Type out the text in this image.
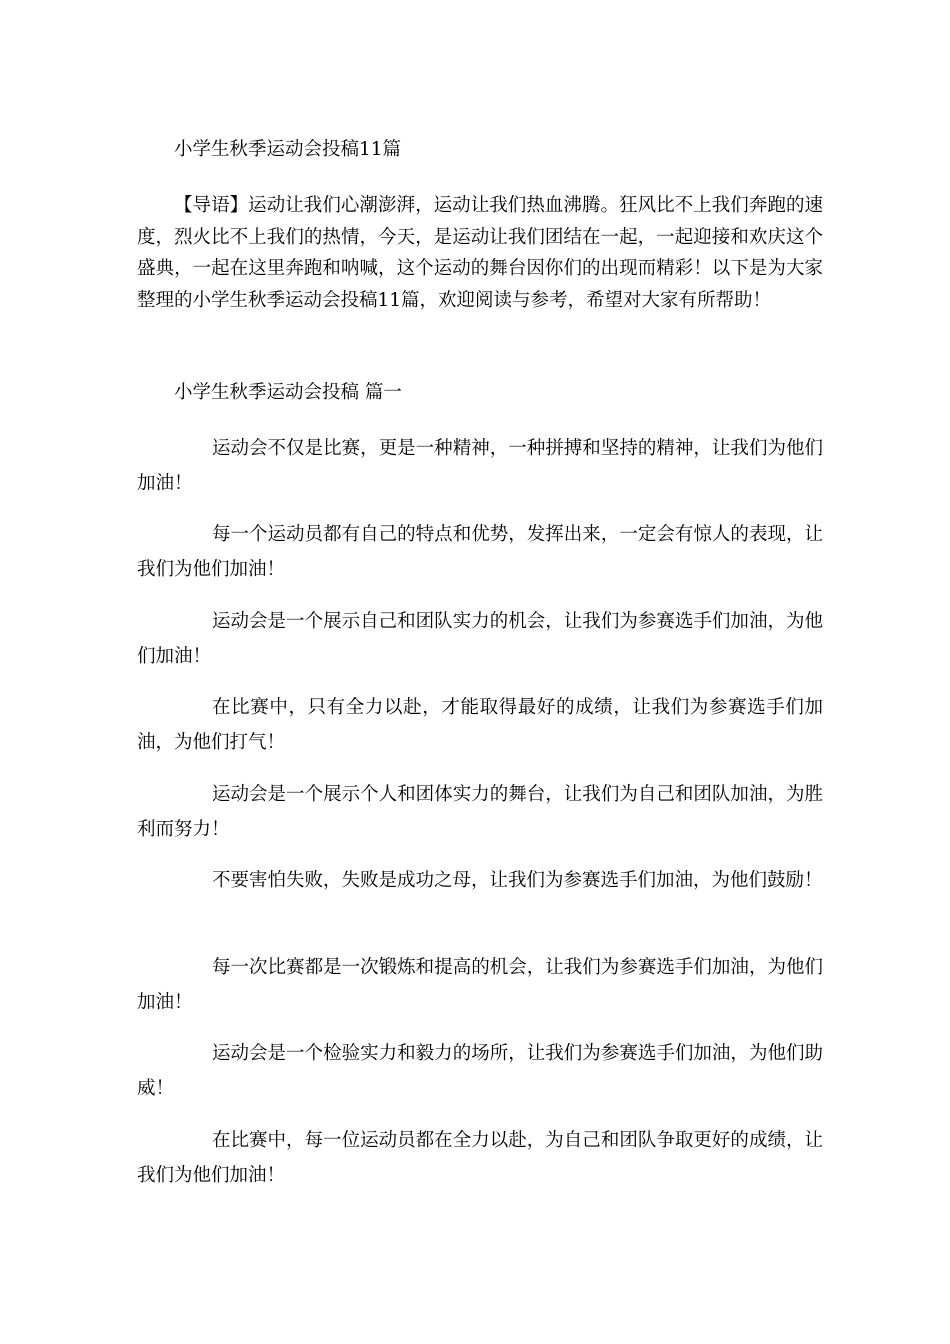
小学生秋季运动会投稿11篇

【导语】运动让我们心潮澎湃，运动让我们热血沸腾。狂风比不上我们奔跑的速度，烈火比不上我们的热情，今天，是运动让我们团结在一起，一起迎接和欢庆这个盛典，一起在这里奔跑和呐喊，这个运动的舞台因你们的出现而精彩！以下是为大家整理的小学生秋季运动会投稿11篇，欢迎阅读与参考，希望对大家有所帮助！

小学生秋季运动会投稿 篇一

运动会不仅是比赛，更是一种精神，一种拼搏和坚持的精神，让我们为他们加油！

每一个运动员都有自己的特点和优势，发挥出来，一定会有惊人的表现，让我们为他们加油！

运动会是一个展示自己和团队实力的机会，让我们为参赛选手们加油，为他们加油！

在比赛中，只有全力以赴，才能取得最好的成绩，让我们为参赛选手们加油，为他们打气！

运动会是一个展示个人和团体实力的舞台，让我们为自己和团队加油，为胜利而努力！

不要害怕失败，失败是成功之母，让我们为参赛选手们加油，为他们鼓励！

每一次比赛都是一次锻炼和提高的机会，让我们为参赛选手们加油，为他们加油！

运动会是一个检验实力和毅力的场所，让我们为参赛选手们加油，为他们助威！

在比赛中，每一位运动员都在全力以赴，为自己和团队争取更好的成绩，让我们为他们加油！
